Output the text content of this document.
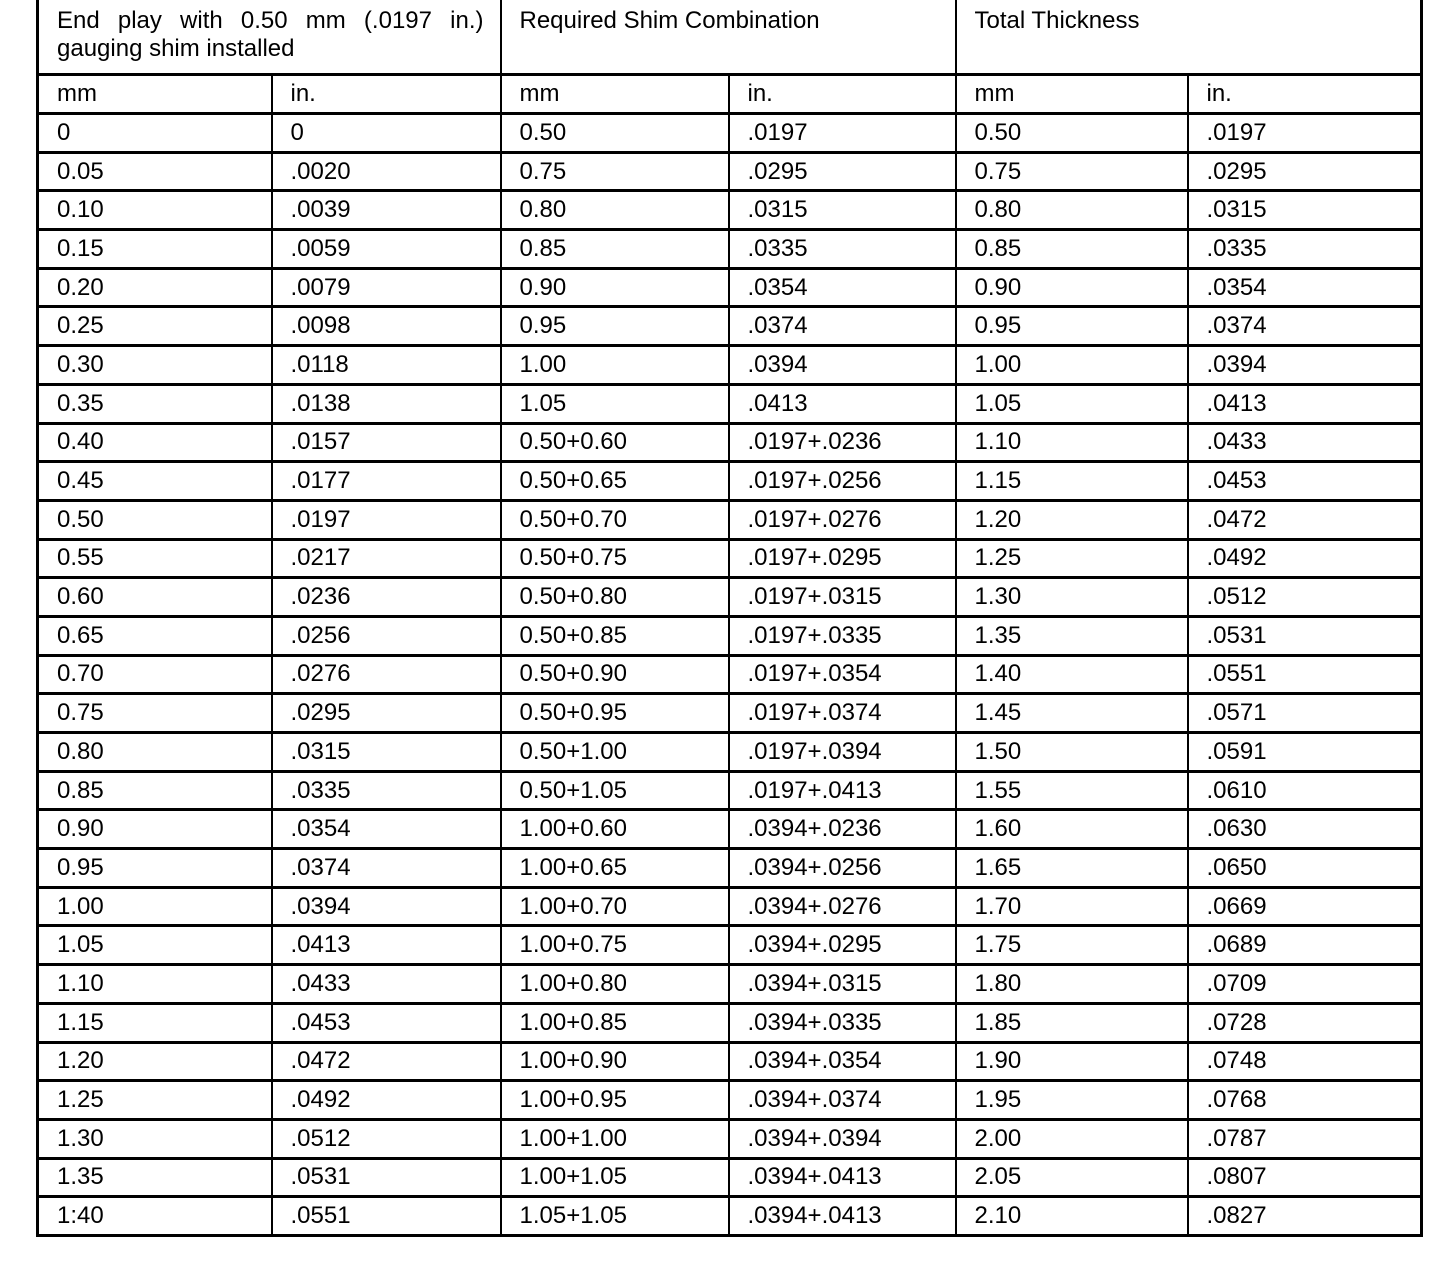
End play with 0.50 mm (.0197 in.) gauging shim installed		Required Shim Combination		Total Thickness	
mm	in.	mm	in.	mm	in.
0	0	0.50	.0197	0.50	.0197
0.05	.0020	0.75	.0295	0.75	.0295
0.10	.0039	0.80	.0315	0.80	.0315
0.15	.0059	0.85	.0335	0.85	.0335
0.20	.0079	0.90	.0354	0.90	.0354
0.25	.0098	0.95	.0374	0.95	.0374
0.30	.0118	1.00	.0394	1.00	.0394
0.35	.0138	1.05	.0413	1.05	.0413
0.40	.0157	0.50+0.60	.0197+.0236	1.10	.0433
0.45	.0177	0.50+0.65	.0197+.0256	1.15	.0453
0.50	.0197	0.50+0.70	.0197+.0276	1.20	.0472
0.55	.0217	0.50+0.75	.0197+.0295	1.25	.0492
0.60	.0236	0.50+0.80	.0197+.0315	1.30	.0512
0.65	.0256	0.50+0.85	.0197+.0335	1.35	.0531
0.70	.0276	0.50+0.90	.0197+.0354	1.40	.0551
0.75	.0295	0.50+0.95	.0197+.0374	1.45	.0571
0.80	.0315	0.50+1.00	.0197+.0394	1.50	.0591
0.85	.0335	0.50+1.05	.0197+.0413	1.55	.0610
0.90	.0354	1.00+0.60	.0394+.0236	1.60	.0630
0.95	.0374	1.00+0.65	.0394+.0256	1.65	.0650
1.00	.0394	1.00+0.70	.0394+.0276	1.70	.0669
1.05	.0413	1.00+0.75	.0394+.0295	1.75	.0689
1.10	.0433	1.00+0.80	.0394+.0315	1.80	.0709
1.15	.0453	1.00+0.85	.0394+.0335	1.85	.0728
1.20	.0472	1.00+0.90	.0394+.0354	1.90	.0748
1.25	.0492	1.00+0.95	.0394+.0374	1.95	.0768
1.30	.0512	1.00+1.00	.0394+.0394	2.00	.0787
1.35	.0531	1.00+1.05	.0394+.0413	2.05	.0807
1:40	.0551	1.05+1.05	.0394+.0413	2.10	.0827
